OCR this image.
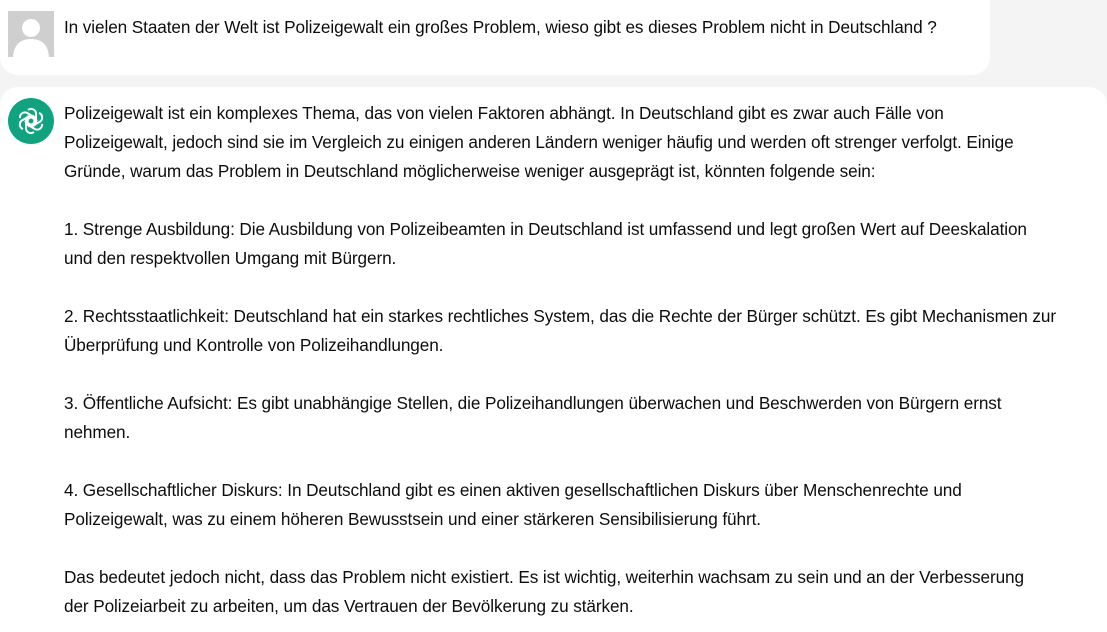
In vielen Staaten der Welt ist Polizeigewalt ein großes Problem, wieso gibt es dieses Problem nicht in Deutschland ?
Polizeigewalt ist ein komplexes Thema, das von vielen Faktoren abhängt. In Deutschland gibt es zwar auch Fälle von
Polizeigewalt, jedoch sind sie im Vergleich zu einigen anderen Ländern weniger häufig und werden oft strenger verfolgt. Einige
Gründe, warum das Problem in Deutschland möglicherweise weniger ausgeprägt ist, könnten folgende sein:
1. Strenge Ausbildung: Die Ausbildung von Polizeibeamten in Deutschland ist umfassend und legt großen Wert auf Deeskalation
und den respektvollen Umgang mit Bürgern.
2. Rechtsstaatlichkeit: Deutschland hat ein starkes rechtliches System, das die Rechte der Bürger schützt. Es gibt Mechanismen zur
Überprüfung und Kontrolle von Polizeihandlungen.
3. Öffentliche Aufsicht: Es gibt unabhängige Stellen, die Polizeihandlungen überwachen und Beschwerden von Bürgern ernst
nehmen.
4. Gesellschaftlicher Diskurs: In Deutschland gibt es einen aktiven gesellschaftlichen Diskurs über Menschenrechte und
Polizeigewalt, was zu einem höheren Bewusstsein und einer stärkeren Sensibilisierung führt.
Das bedeutet jedoch nicht, dass das Problem nicht existiert. Es ist wichtig, weiterhin wachsam zu sein und an der Verbesserung
der Polizeiarbeit zu arbeiten, um das Vertrauen der Bevölkerung zu stärken.
